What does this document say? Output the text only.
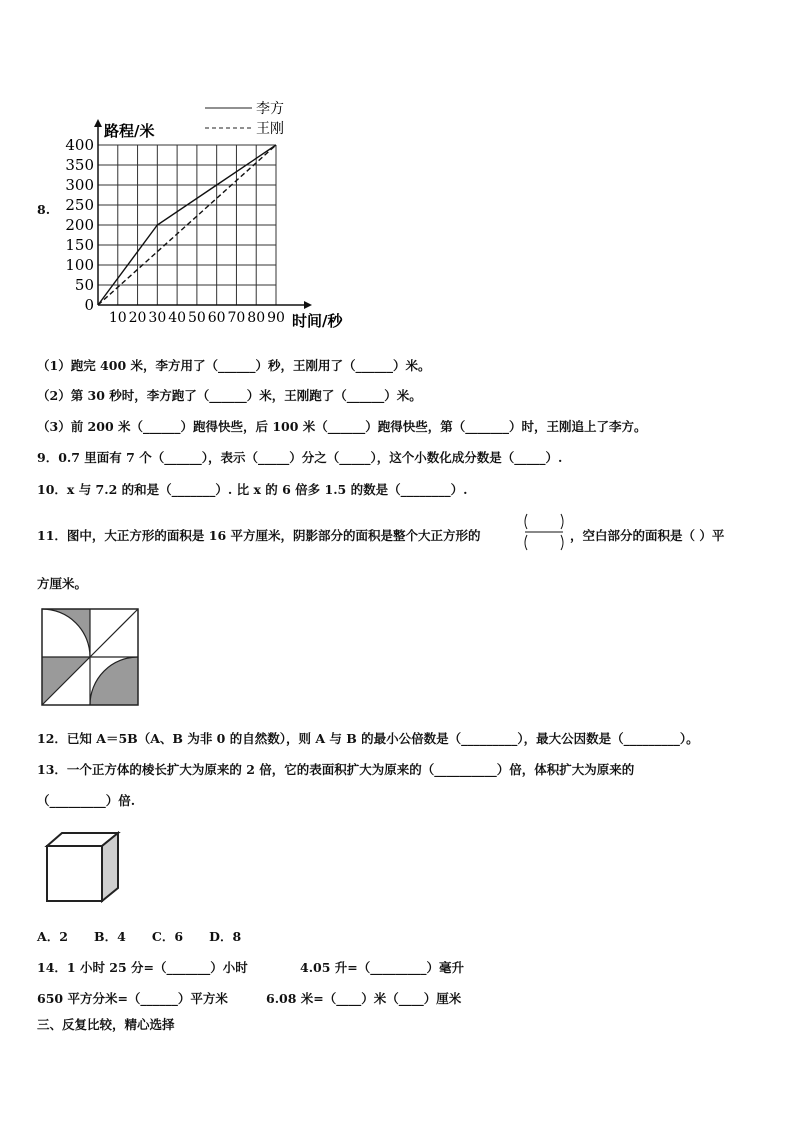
8.
0
50
100
150
200
250
300
350
400
10 20 30 40 50 60 70 80 90
路程/米
时间/秒
李方
王刚
（1）跑完 400 米，李方用了（______）秒，王刚用了（______）米。
（2）第 30 秒时，李方跑了（______）米，王刚跑了（______）米。
（3）前 200 米（______）跑得快些，后 100 米（______）跑得快些，第（_______）时，王刚追上了李方。
9．0.7 里面有 7 个（______），表示（_____）分之（_____），这个小数化成分数是（_____）.
10．x 与 7.2 的和是（_______）. 比 x 的 6 倍多 1.5 的数是（________）.
11．图中，大正方形的面积是 16 平方厘米，阴影部分的面积是整个大正方形的	，空白部分的面积是（ ）平
方厘米。
12．已知 A＝5B（A、B 为非 0 的自然数），则 A 与 B 的最小公倍数是（_________），最大公因数是（_________）。
13．一个正方体的棱长扩大为原来的 2 倍，它的表面积扩大为原来的（__________）倍，体积扩大为原来的
（_________）倍.
A．2      B．4      C．6      D．8
14．1 小时 25 分=（_______）小时	4.05 升=（_________）毫升
650 平方分米=（______）平方米	6.08 米=（____）米（____）厘米
三、反复比较，精心选择
